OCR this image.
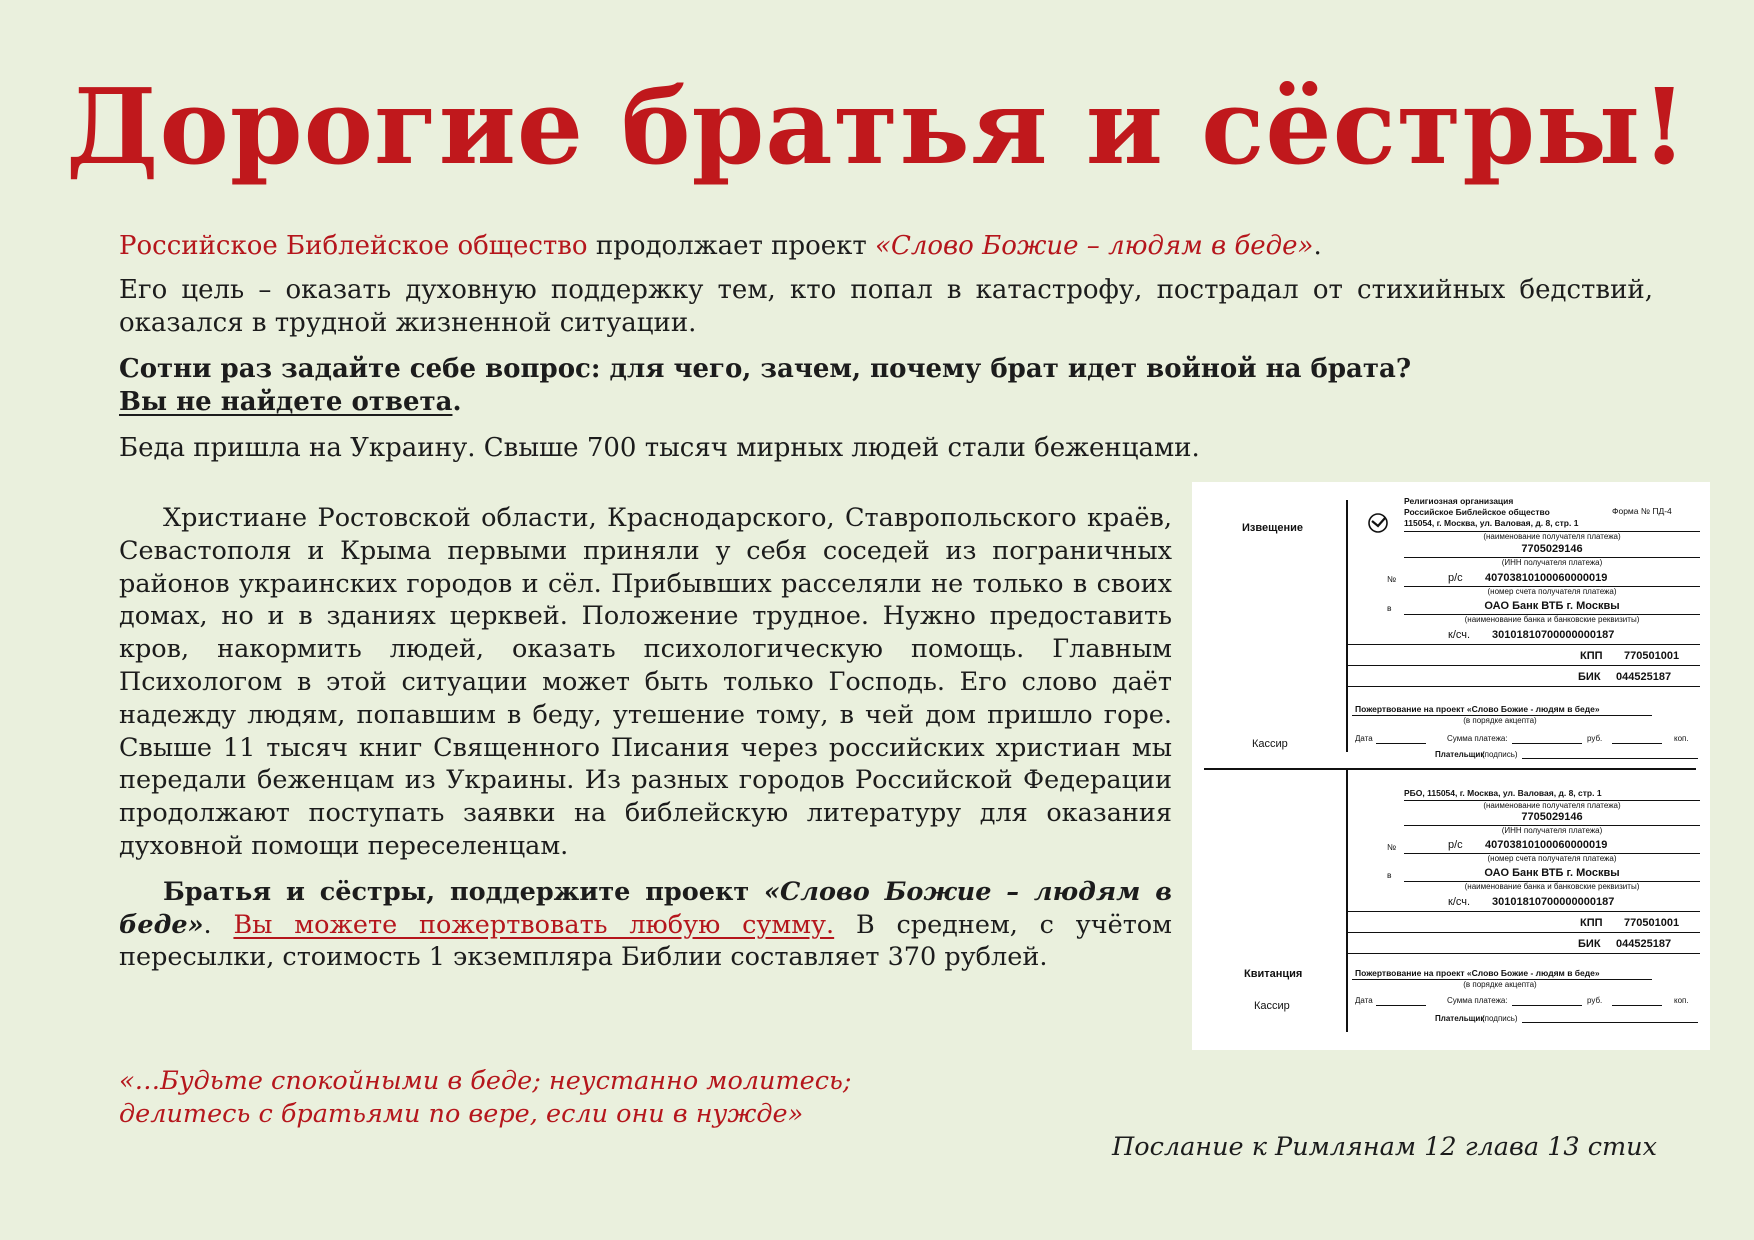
Дорогие братья и сёстры!
Российское Библейское общество продолжает проект «Слово Божие – людям в беде».
Его цель – оказать духовную поддержку тем, кто попал в катастрофу, пострадал от стихийных бедствий, оказался в трудной жизненной ситуации.
Сотни раз задайте себе вопрос: для чего, зачем, почему брат идет войной на брата?
Вы не найдете ответа.
Беда пришла на Украину. Свыше 700 тысяч мирных людей стали беженцами.

Христиане Ростовской области, Краснодарского, Ставропольского краёв, Севастополя и Крыма первыми приняли у себя соседей из пограничных районов украинских городов и сёл. Прибывших расселяли не только в своих домах, но и в зданиях церквей. Положение трудное. Нужно предоставить кров, накормить людей, оказать психологическую помощь. Главным Психологом в этой ситуации может быть только Господь. Его слово даёт надежду людям, попавшим в беду, утешение тому, в чей дом пришло горе. Свыше 11 тысяч книг Священного Писания через российских христиан мы передали беженцам из Украины. Из разных городов Российской Федерации продолжают поступать заявки на библейскую литературу для оказания духовной помощи переселенцам.

Братья и сёстры, поддержите проект «Слово Божие – людям в беде». Вы можете пожертвовать любую сумму. В среднем, с учётом пересылки, стоимость 1 экземпляра Библии составляет 370 рублей.

«…Будьте спокойными в беде; неустанно молитесь;
делитесь с братьями по вере, если они в нужде»
Послание к Римлянам 12 глава 13 стих
Извещение
Религиозная организация
Форма № ПД-4
Российское Библейское общество
115054, г. Москва, ул. Валовая, д. 8, стр. 1
(наименование получателя платежа)
7705029146
(ИНН получателя платежа)
№	р/с 40703810100060000019
(номер счета получателя платежа)
в	ОАО Банк ВТБ г. Москвы
(наименование банка и банковские реквизиты)
к/сч. 30101810700000000187
КПП 770501001
БИК 044525187
Пожертвование на проект «Слово Божие - людям в беде»
(в порядке акцепта)
Кассир	Дата	Сумма платежа:	руб.	коп.
Плательщик
(подпись)
РБО, 115054, г. Москва, ул. Валовая, д. 8, стр. 1
(наименование получателя платежа)
7705029146
(ИНН получателя платежа)
№	р/с 40703810100060000019
(номер счета получателя платежа)
в	ОАО Банк ВТБ г. Москвы
(наименование банка и банковские реквизиты)
к/сч. 30101810700000000187
КПП 770501001
БИК 044525187
Квитанция	Пожертвование на проект «Слово Божие - людям в беде»
(в порядке акцепта)
Кассир	Дата	Сумма платежа:	руб.	коп.
Плательщик
(подпись)
